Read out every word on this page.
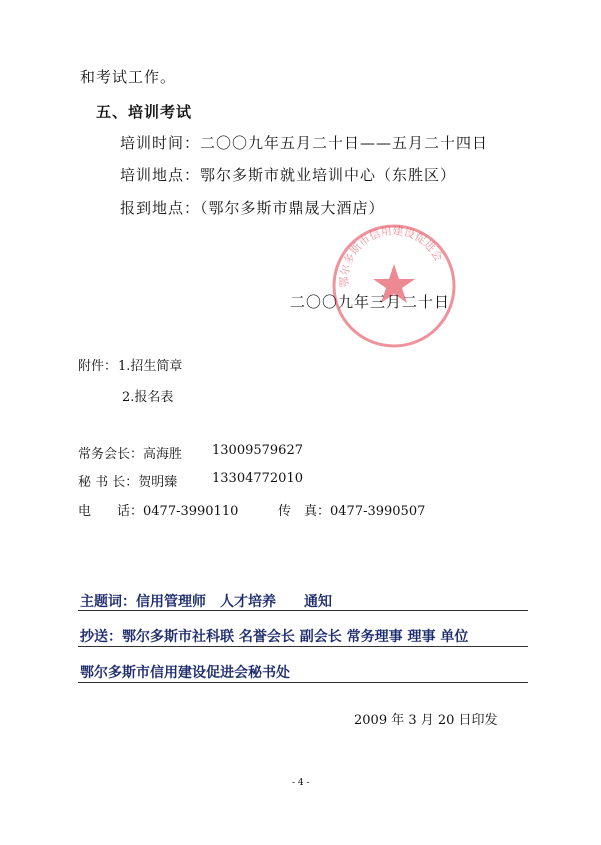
和考试工作。
五、培训考试
培训时间：二〇〇九年五月二十日——五月二十四日
培训地点：鄂尔多斯市就业培训中心（东胜区）
报到地点：（鄂尔多斯市鼎晟大酒店）
鄂尔多斯市信用建设促进会
二〇〇九年三月二十日
附件： 1.招生简章
2.报名表
常务会长：高海胜 13009579627
秘 书 长：贺明臻	13304772010
电　　话：0477-3990110	传　真：0477-3990507
主题词：信用管理师　人才培养　　通知
抄送：鄂尔多斯市社科联 名誉会长 副会长 常务理事 理事 单位
鄂尔多斯市信用建设促进会秘书处
2009 年 3 月 20 日印发
- 4 -
